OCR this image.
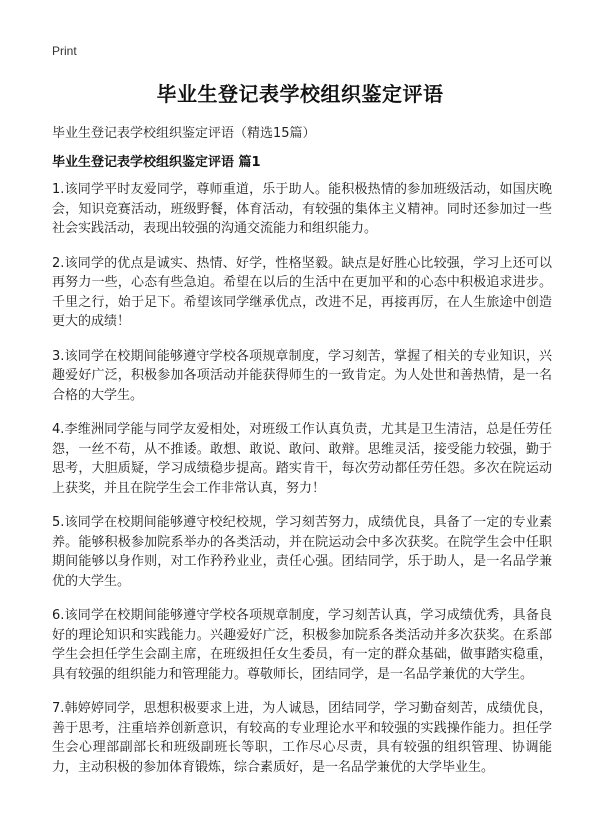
Print
毕业生登记表学校组织鉴定评语
毕业生登记表学校组织鉴定评语（精选15篇）
毕业生登记表学校组织鉴定评语 篇1

1.该同学平时友爱同学，尊师重道，乐于助人。能积极热情的参加班级活动，如国庆晚会，知识竞赛活动，班级野餐，体育活动，有较强的集体主义精神。同时还参加过一些社会实践活动，表现出较强的沟通交流能力和组织能力。

2.该同学的优点是诚实、热情、好学，性格坚毅。缺点是好胜心比较强，学习上还可以再努力一些，心态有些急迫。希望在以后的生活中在更加平和的心态中积极追求进步。千里之行，始于足下。希望该同学继承优点，改进不足，再接再厉，在人生旅途中创造更大的成绩！

3.该同学在校期间能够遵守学校各项规章制度，学习刻苦，掌握了相关的专业知识，兴趣爱好广泛，积极参加各项活动并能获得师生的一致肯定。为人处世和善热情，是一名合格的大学生。

4.李维洲同学能与同学友爱相处，对班级工作认真负责，尤其是卫生清洁，总是任劳任怨，一丝不苟，从不推诿。敢想、敢说、敢问、敢辩。思维灵活，接受能力较强，勤于思考，大胆质疑，学习成绩稳步提高。踏实肯干，每次劳动都任劳任怨。多次在院运动上获奖，并且在院学生会工作非常认真，努力！

5.该同学在校期间能够遵守校纪校规，学习刻苦努力，成绩优良，具备了一定的专业素养。能够积极参加院系举办的各类活动，并在院运动会中多次获奖。在院学生会中任职期间能够以身作则，对工作矜矜业业，责任心强。团结同学，乐于助人，是一名品学兼优的大学生。

6.该同学在校期间能够遵守学校各项规章制度，学习刻苦认真，学习成绩优秀，具备良好的理论知识和实践能力。兴趣爱好广泛，积极参加院系各类活动并多次获奖。在系部学生会担任学生会副主席，在班级担任女生委员，有一定的群众基础，做事踏实稳重，具有较强的组织能力和管理能力。尊敬师长，团结同学，是一名品学兼优的大学生。

7.韩婷婷同学，思想积极要求上进，为人诚恳，团结同学，学习勤奋刻苦，成绩优良，善于思考，注重培养创新意识，有较高的专业理论水平和较强的实践操作能力。担任学生会心理部副部长和班级副班长等职，工作尽心尽责，具有较强的组织管理、协调能力，主动积极的参加体育锻炼，综合素质好，是一名品学兼优的大学毕业生。
